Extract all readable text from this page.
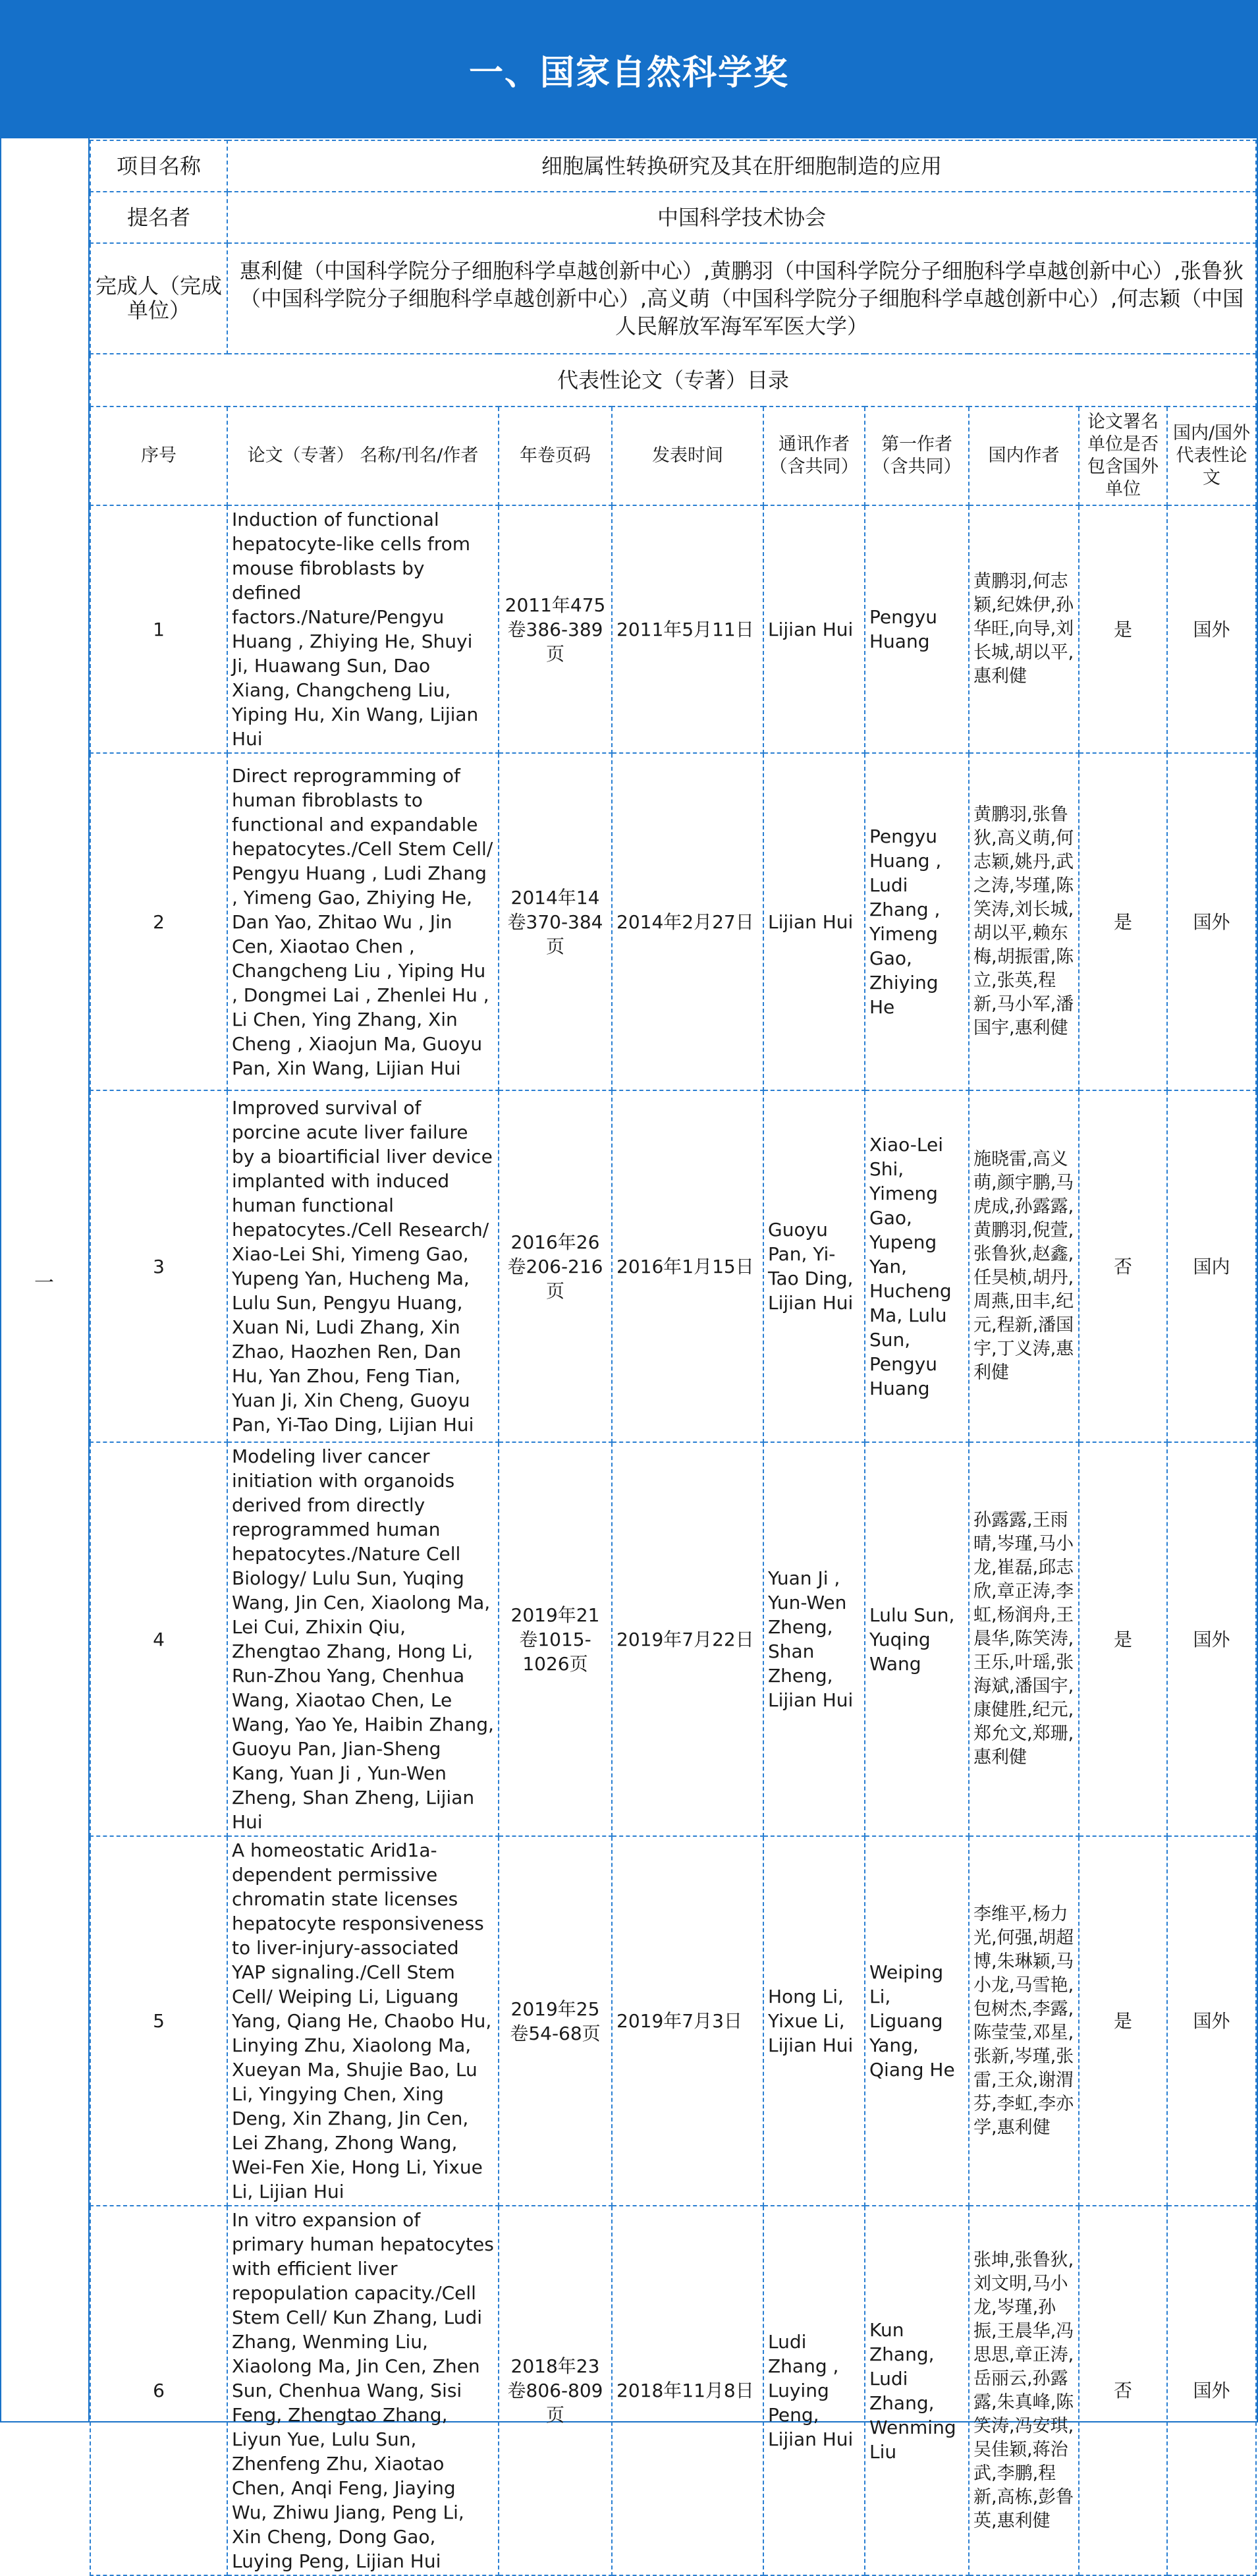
一、国家自然科学奖
一
项目名称	细胞属性转换研究及其在肝细胞制造的应用							
提名者	中国科学技术协会							
完成人（完成单位）	惠利健（中国科学院分子细胞科学卓越创新中心）,黄鹏羽（中国科学院分子细胞科学卓越创新中心）,张鲁狄（中国科学院分子细胞科学卓越创新中心）,高义萌（中国科学院分子细胞科学卓越创新中心）,何志颖（中国人民解放军海军军医大学）							
代表性论文（专著）目录								
序号	论文（专著） 名称/刊名/作者	年卷页码	发表时间	通讯作者（含共同）	第一作者（含共同）	国内作者	论文署名单位是否包含国外单位	国内/国外代表性论文
1	Induction of functional hepatocyte-like cells from mouse fibroblasts by defined factors./Nature/Pengyu Huang , Zhiying He, Shuyi Ji, Huawang Sun, Dao Xiang, Changcheng Liu, Yiping Hu, Xin Wang, Lijian Hui	2011年475卷386-389页	2011年5月11日	Lijian Hui	Pengyu Huang	黄鹏羽,何志颖,纪姝伊,孙华旺,向导,刘长城,胡以平,惠利健	是	国外
2	Direct reprogramming of human fibroblasts to functional and expandable hepatocytes./Cell Stem Cell/ Pengyu Huang , Ludi Zhang , Yimeng Gao, Zhiying He, Dan Yao, Zhitao Wu , Jin Cen, Xiaotao Chen , Changcheng Liu , Yiping Hu , Dongmei Lai , Zhenlei Hu , Li Chen, Ying Zhang, Xin Cheng , Xiaojun Ma, Guoyu Pan, Xin Wang, Lijian Hui	2014年14卷370-384页	2014年2月27日	Lijian Hui	Pengyu Huang , Ludi Zhang , Yimeng Gao, Zhiying He	黄鹏羽,张鲁狄,高义萌,何志颖,姚丹,武之涛,岑瑾,陈笑涛,刘长城,胡以平,赖东梅,胡振雷,陈立,张英,程新,马小军,潘国宇,惠利健	是	国外
3	Improved survival of porcine acute liver failure by a bioartificial liver device implanted with induced human functional hepatocytes./Cell Research/ Xiao-Lei Shi, Yimeng Gao, Yupeng Yan, Hucheng Ma, Lulu Sun, Pengyu Huang, Xuan Ni, Ludi Zhang, Xin Zhao, Haozhen Ren, Dan Hu, Yan Zhou, Feng Tian, Yuan Ji, Xin Cheng, Guoyu Pan, Yi-Tao Ding, Lijian Hui	2016年26卷206-216页	2016年1月15日	Guoyu Pan, Yi-Tao Ding, Lijian Hui	Xiao-Lei Shi, Yimeng Gao, Yupeng Yan, Hucheng Ma, Lulu Sun, Pengyu Huang	施晓雷,高义萌,颜宇鹏,马虎成,孙露露,黄鹏羽,倪萱,张鲁狄,赵鑫,任昊桢,胡丹,周燕,田丰,纪元,程新,潘国宇,丁义涛,惠利健	否	国内
4	Modeling liver cancer initiation with organoids derived from directly reprogrammed human hepatocytes./Nature Cell Biology/ Lulu Sun, Yuqing Wang, Jin Cen, Xiaolong Ma, Lei Cui, Zhixin Qiu, Zhengtao Zhang, Hong Li, Run-Zhou Yang, Chenhua Wang, Xiaotao Chen, Le Wang, Yao Ye, Haibin Zhang, Guoyu Pan, Jian-Sheng Kang, Yuan Ji , Yun-Wen Zheng, Shan Zheng, Lijian Hui	2019年21卷1015-1026页	2019年7月22日	Yuan Ji , Yun-Wen Zheng, Shan Zheng, Lijian Hui	Lulu Sun, Yuqing Wang	孙露露,王雨晴,岑瑾,马小龙,崔磊,邱志欣,章正涛,李虹,杨润舟,王晨华,陈笑涛,王乐,叶瑶,张海斌,潘国宇,康健胜,纪元,郑允文,郑珊,惠利健	是	国外
5	A homeostatic Arid1a-dependent permissive chromatin state licenses hepatocyte responsiveness to liver-injury-associated YAP signaling./Cell Stem Cell/ Weiping Li, Liguang Yang, Qiang He, Chaobo Hu, Linying Zhu, Xiaolong Ma, Xueyan Ma, Shujie Bao, Lu Li, Yingying Chen, Xing Deng, Xin Zhang, Jin Cen, Lei Zhang, Zhong Wang, Wei-Fen Xie, Hong Li, Yixue Li, Lijian Hui	2019年25卷54-68页	2019年7月3日	Hong Li, Yixue Li, Lijian Hui	Weiping Li, Liguang Yang, Qiang He	李维平,杨力光,何强,胡超博,朱琳颖,马小龙,马雪艳,包树杰,李露,陈莹莹,邓星,张新,岑瑾,张雷,王众,谢渭芬,李虹,李亦学,惠利健	是	国外
6	In vitro expansion of primary human hepatocytes with efficient liver repopulation capacity./Cell Stem Cell/ Kun Zhang, Ludi Zhang, Wenming Liu, Xiaolong Ma, Jin Cen, Zhen Sun, Chenhua Wang, Sisi Feng, Zhengtao Zhang, Liyun Yue, Lulu Sun, Zhenfeng Zhu, Xiaotao Chen, Anqi Feng, Jiaying Wu, Zhiwu Jiang, Peng Li, Xin Cheng, Dong Gao, Luying Peng, Lijian Hui	2018年23卷806-809页	2018年11月8日	Ludi Zhang , Luying Peng, Lijian Hui	Kun Zhang, Ludi Zhang, Wenming Liu	张坤,张鲁狄,刘文明,马小龙,岑瑾,孙振,王晨华,冯思思,章正涛,岳丽云,孙露露,朱真峰,陈笑涛,冯安琪,吴佳颖,蒋治武,李鹏,程新,高栋,彭鲁英,惠利健	否	国外
